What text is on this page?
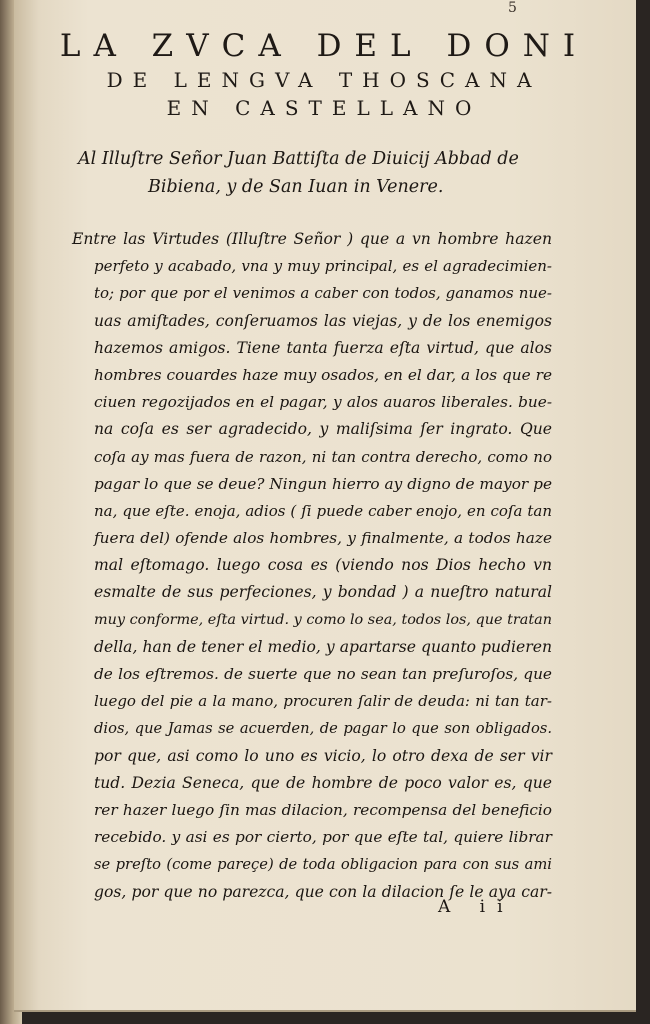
5
LA ZVCA DEL DONI
DE LENGVA THOSCANA
EN CASTELLANO
Al Illuſtre Señor Juan Battiſta de Diuicij Abbad de
Bibiena, y de San Iuan in Venere.
Entre las Virtudes (Illuſtre Señor ) que a vn hombre hazen
perfeto y acabado, vna y muy principal, es el agradecimien-
to; por que por el venimos a caber con todos, ganamos nue-
uas amiſtades, conſeruamos las viejas, y de los enemigos
hazemos amigos. Tiene tanta fuerza eſta virtud, que alos
hombres couardes haze muy osados, en el dar, a los que re
ciuen regozijados en el pagar, y alos auaros liberales. bue-
na coſa es ser agradecido, y maliſsima ſer ingrato. Que
coſa ay mas fuera de razon, ni tan contra derecho, como no
pagar lo que se deue? Ningun hierro ay digno de mayor pe
na, que eſte. enoja, adios ( ſi puede caber enojo, en coſa tan
fuera del) ofende alos hombres, y finalmente, a todos haze
mal eſtomago. luego cosa es (viendo nos Dios hecho vn
esmalte de sus perfeciones, y bondad ) a nueſtro natural
muy conforme, eſta virtud. y como lo sea, todos los, que tratan
della, han de tener el medio, y apartarse quanto pudieren
de los eſtremos. de suerte que no sean tan preſuroſos, que
luego del pie a la mano, procuren ſalir de deuda: ni tan tar-
dios, que Jamas se acuerden, de pagar lo que son obligados.
por que, asi como lo uno es vicio, lo otro dexa de ser vir
tud. Dezia Seneca, que de hombre de poco valor es, que
rer hazer luego ſin mas dilacion, recompensa del beneficio
recebido. y asi es por cierto, por que eſte tal, quiere librar
se preſto (come pareçe) de toda obligacion para con sus ami
gos, por que no parezca, que con la dilacion ſe le aya car-
A ii
